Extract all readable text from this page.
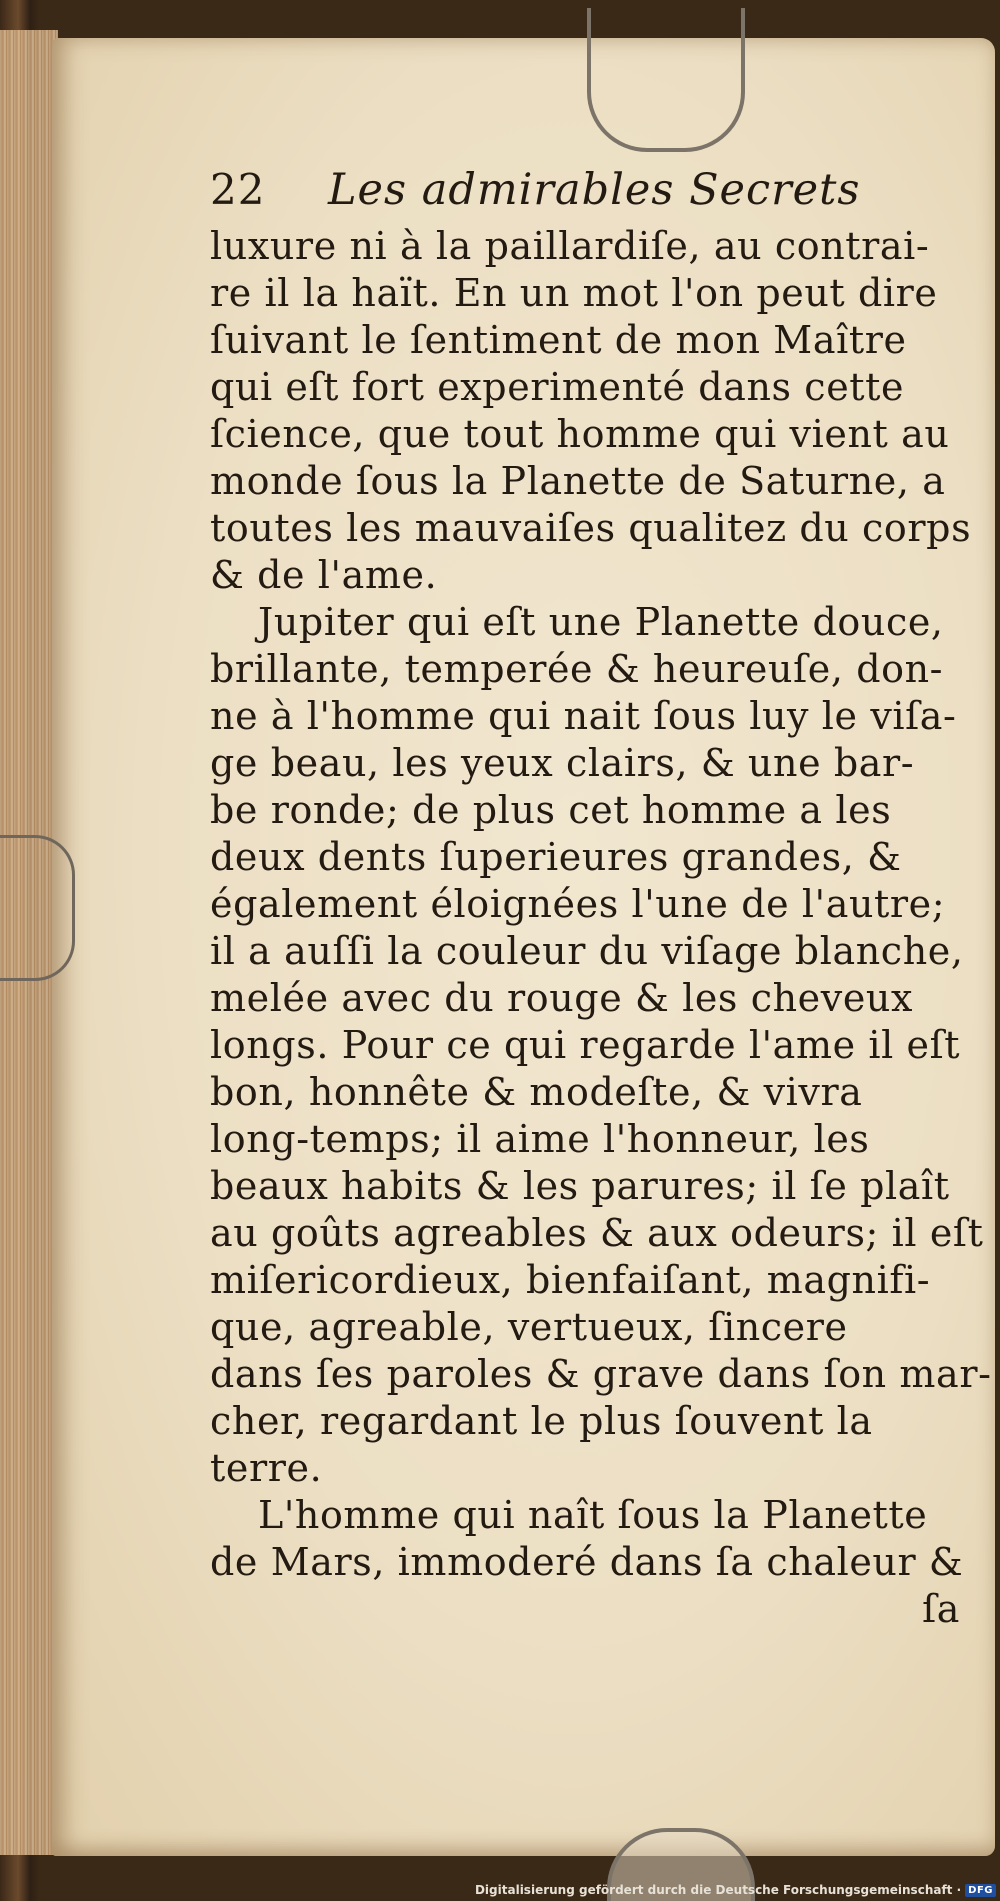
22	Les admirables Secrets
luxure ni à la paillardiſe, au contrai-
re il la haït. En un mot l'on peut dire
ſuivant le ſentiment de mon Maître
qui eſt fort experimenté dans cette
ſcience, que tout homme qui vient au
monde ſous la Planette de Saturne, a
toutes les mauvaiſes qualitez du corps
& de l'ame.
Jupiter qui eſt une Planette douce,
brillante, temperée & heureuſe, don-
ne à l'homme qui nait ſous luy le viſa-
ge beau, les yeux clairs, & une bar-
be ronde; de plus cet homme a les
deux dents ſuperieures grandes, &
également éloignées l'une de l'autre;
il a auſſi la couleur du viſage blanche,
melée avec du rouge & les cheveux
longs. Pour ce qui regarde l'ame il eſt
bon, honnête & modeſte, & vivra
long-temps; il aime l'honneur, les
beaux habits & les parures; il ſe plaît
au goûts agreables & aux odeurs; il eſt
miſericordieux, bienfaiſant, magnifi-
que, agreable, vertueux, ſincere
dans ſes paroles & grave dans ſon mar-
cher, regardant le plus ſouvent la
terre.
L'homme qui naît ſous la Planette
de Mars, immoderé dans ſa chaleur &
ſa
Digitalisierung gefördert durch die Deutsche Forschungsgemeinschaft · DFG
